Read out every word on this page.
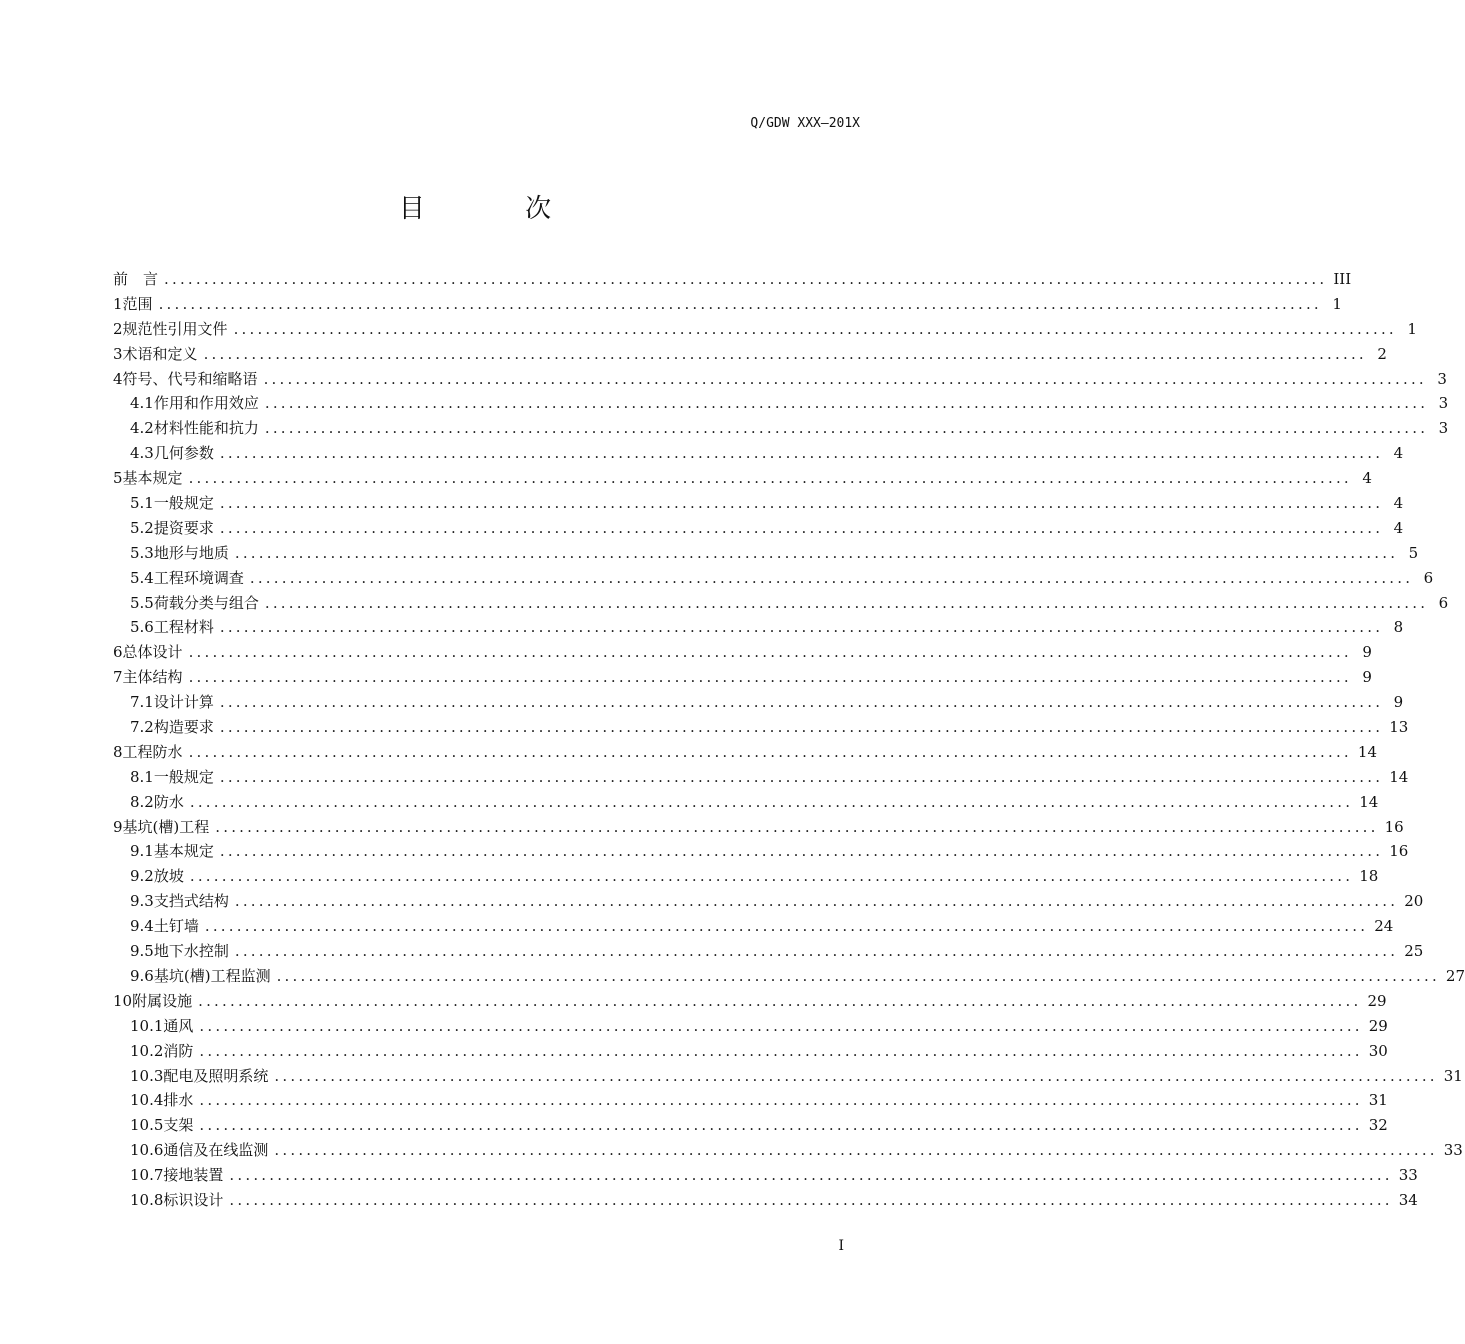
Q/GDW XXX—201X
目 次
前　言 .....	III
1 范围 .....	1
2 规范性引用文件 .....	1
3 术语和定义 .....	2
4 符号、代号和缩略语 .....	3
4.1 作用和作用效应 .....	3
4.2 材料性能和抗力 .....	3
4.3 几何参数 .....	4
5 基本规定 .....	4
5.1 一般规定 .....	4
5.2 提资要求 .....	4
5.3 地形与地质 .....	5
5.4 工程环境调查 .....	6
5.5 荷载分类与组合 .....	6
5.6 工程材料 .....	8
6 总体设计 .....	9
7 主体结构 .....	9
7.1 设计计算 .....	9
7.2 构造要求 .....	13
8 工程防水 .....	14
8.1 一般规定 .....	14
8.2 防水 .....	14
9 基坑(槽)工程 .....	16
9.1 基本规定 .....	16
9.2 放坡 .....	18
9.3 支挡式结构 .....	20
9.4 土钉墙 .....	24
9.5 地下水控制 .....	25
9.6 基坑(槽)工程监测 .....	27
10 附属设施 .....	29
10.1 通风 .....	29
10.2 消防 .....	30
10.3 配电及照明系统 .....	31
10.4 排水 .....	31
10.5 支架 .....	32
10.6 通信及在线监测 .....	33
10.7 接地装置 .....	33
10.8 标识设计 .....	34
I
